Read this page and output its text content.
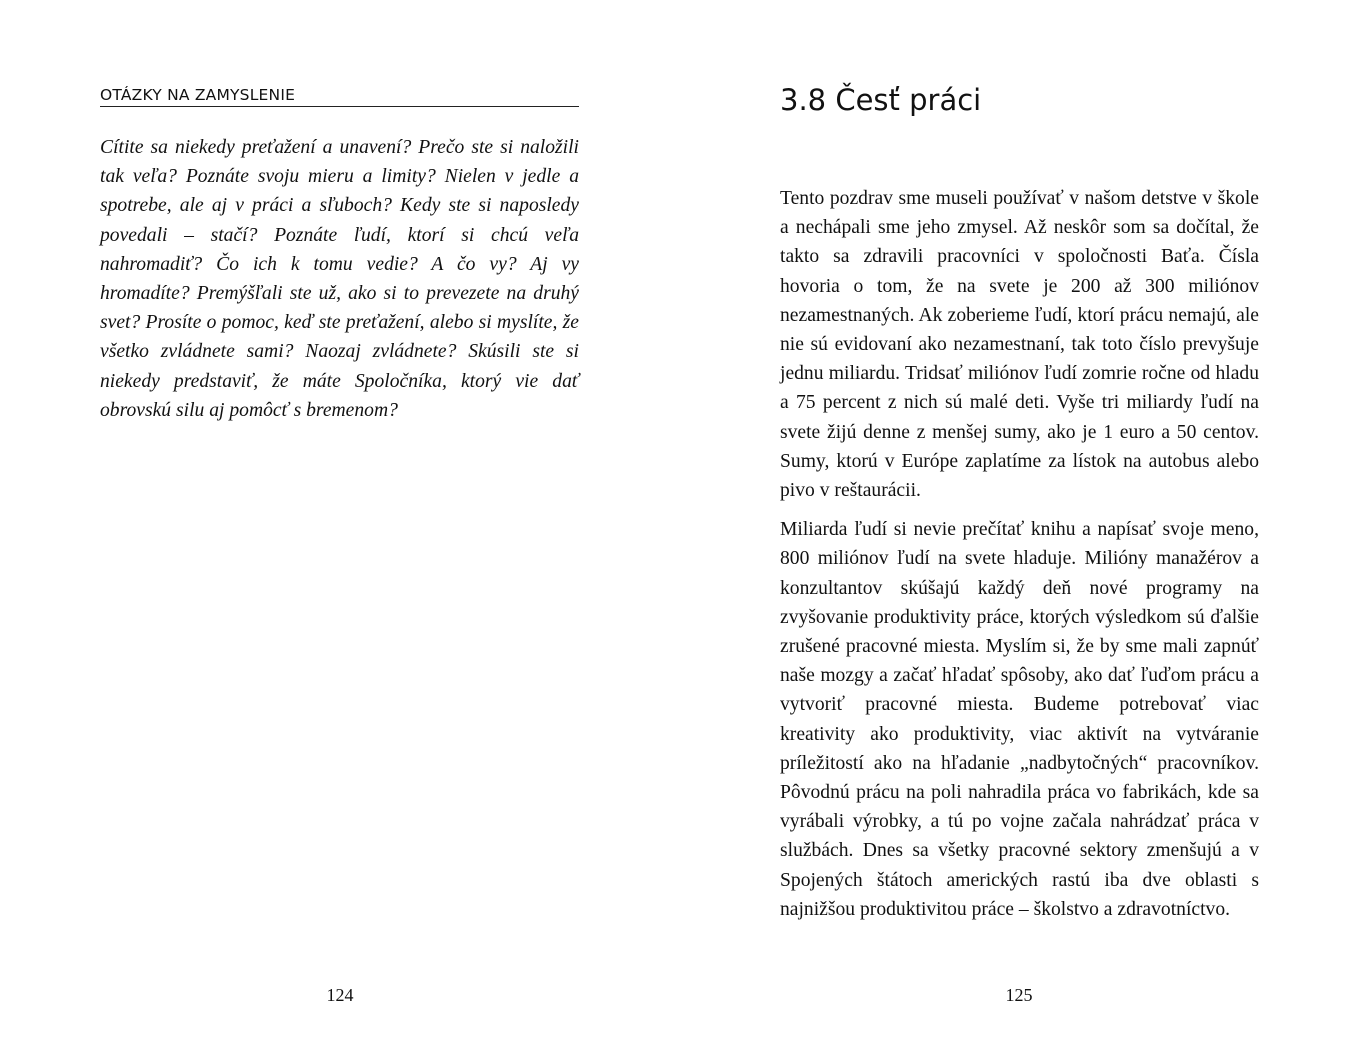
OTÁZKY NA ZAMYSLENIE

Cítite sa niekedy preťažení a unavení? Prečo ste si naložili tak veľa? Poznáte svoju mieru a limity? Nielen v jedle a spotrebe, ale aj v práci a sľuboch? Kedy ste si naposledy povedali – stačí? Poznáte ľudí, ktorí si chcú veľa nahromadiť? Čo ich k tomu vedie? A čo vy? Aj vy hromadíte? Premýšľali ste už, ako si to prevezete na druhý svet? Prosíte o pomoc, keď ste preťažení, alebo si myslíte, že všetko zvládnete sami? Naozaj zvládnete? Skúsili ste si niekedy predstaviť, že máte Spoločníka, ktorý vie dať obrovskú silu aj pomôcť s bremenom?

124
3.8 Česť práci

Tento pozdrav sme museli používať v našom detstve v škole a nechápali sme jeho zmysel. Až neskôr som sa dočítal, že takto sa zdravili pracovníci v spoločnosti Baťa. Čísla hovoria o tom, že na svete je 200 až 300 miliónov nezamestnaných. Ak zoberieme ľudí, ktorí prácu nemajú, ale nie sú evidovaní ako nezamestnaní, tak toto číslo prevyšuje jednu miliardu. Tridsať miliónov ľudí zomrie ročne od hladu a 75 percent z nich sú malé deti. Vyše tri miliardy ľudí na svete žijú denne z menšej sumy, ako je 1 euro a 50 centov. Sumy, ktorú v Európe zaplatíme za lístok na autobus alebo pivo v reštaurácii.

Miliarda ľudí si nevie prečítať knihu a napísať svoje meno, 800 miliónov ľudí na svete hladuje. Milióny manažérov a konzultantov skúšajú každý deň nové programy na zvyšovanie produktivity práce, ktorých výsledkom sú ďalšie zrušené pracovné miesta. Myslím si, že by sme mali zapnúť naše mozgy a začať hľadať spôsoby, ako dať ľuďom prácu a vytvoriť pracovné miesta. Budeme potrebovať viac kreativity ako produktivity, viac aktivít na vytváranie príležitostí ako na hľadanie „nadbytočných“ pracovníkov. Pôvodnú prácu na poli nahradila práca vo fabrikách, kde sa vyrábali výrobky, a tú po vojne začala nahrádzať práca v službách. Dnes sa všetky pracovné sektory zmenšujú a v Spojených štátoch amerických rastú iba dve oblasti s najnižšou produktivitou práce – školstvo a zdravotníctvo.

125
